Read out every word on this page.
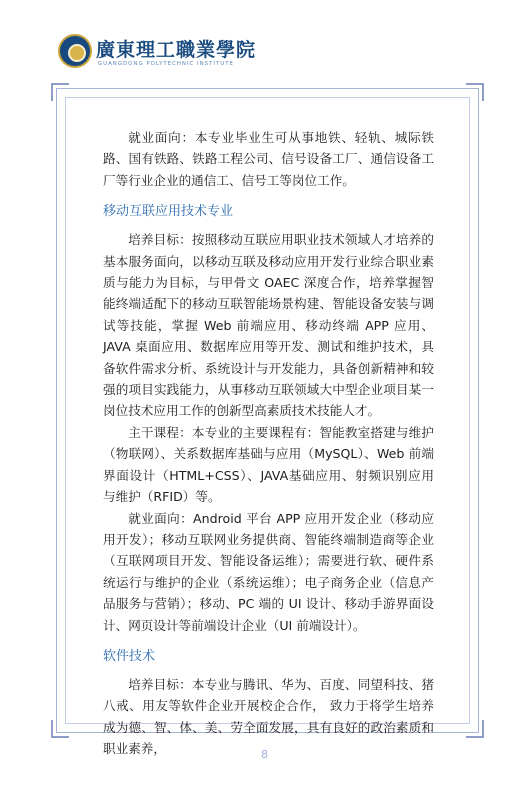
廣東理工職業學院
GUANGDONG POLYTECHNIC INSTITUTE

就业面向：本专业毕业生可从事地铁、轻轨、城际铁路、国有铁路、铁路工程公司、信号设备工厂、通信设备工厂等行业企业的通信工、信号工等岗位工作。

移动互联应用技术专业

培养目标：按照移动互联应用职业技术领域人才培养的基本服务面向，以移动互联及移动应用开发行业综合职业素质与能力为目标，与甲骨文 OAEC 深度合作，培养掌握智能终端适配下的移动互联智能场景构建、智能设备安装与调试等技能，掌握 Web 前端应用、移动终端 APP 应用、JAVA 桌面应用、数据库应用等开发、测试和维护技术，具备软件需求分析、系统设计与开发能力，具备创新精神和较强的项目实践能力，从事移动互联领域大中型企业项目某一岗位技术应用工作的创新型高素质技术技能人才。

主干课程：本专业的主要课程有：智能教室搭建与维护（物联网）、关系数据库基础与应用（MySQL）、Web 前端界面设计（HTML+CSS）、JAVA基础应用、射频识别应用与维护（RFID）等。

就业面向：Android 平台 APP 应用开发企业（移动应用开发）；移动互联网业务提供商、智能终端制造商等企业（互联网项目开发、智能设备运维）；需要进行软、硬件系统运行与维护的企业（系统运维）；电子商务企业（信息产品服务与营销）；移动、PC 端的 UI 设计、移动手游界面设计、网页设计等前端设计企业（UI 前端设计）。

软件技术

培养目标：本专业与腾讯、华为、百度、同望科技、猪八戒、用友等软件企业开展校企合作， 致力于将学生培养成为德、智、体、美、劳全面发展，具有良好的政治素质和职业素养，	8
